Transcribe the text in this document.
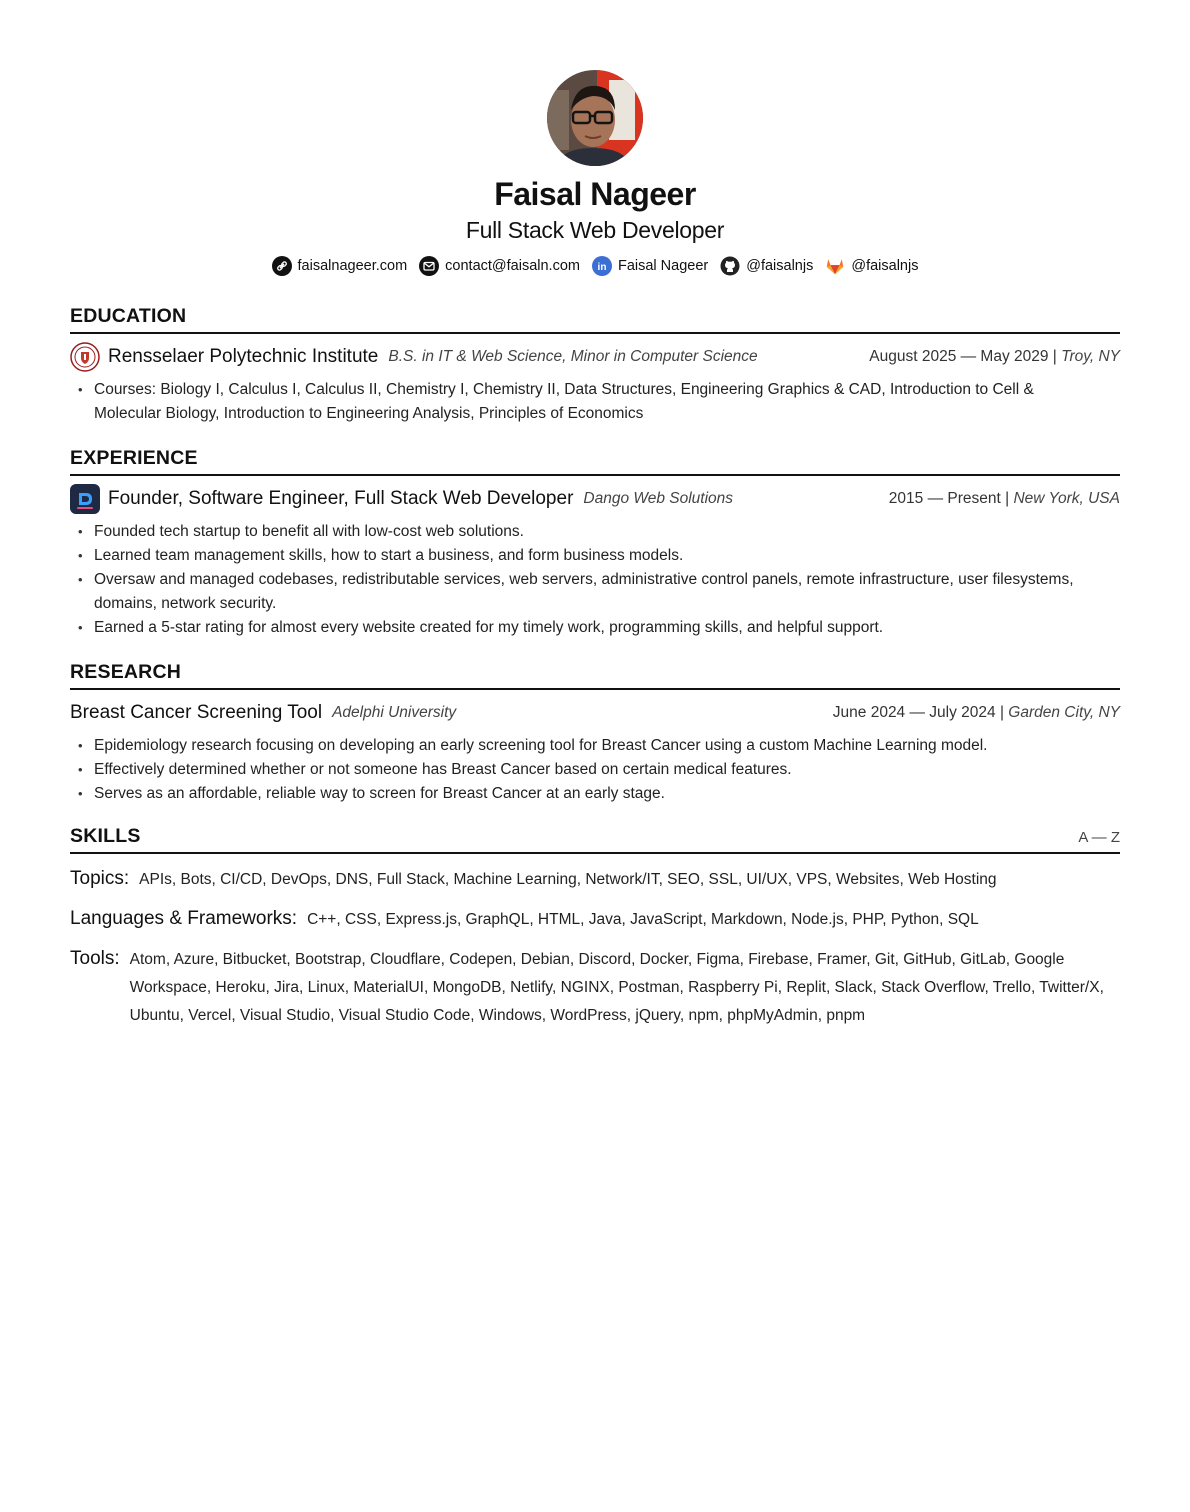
Faisal Nageer
Full Stack Web Developer
faisalnageer.com	contact@faisaln.com in Faisal Nageer	@faisalnjs	@faisalnjs
EDUCATION
Rensselaer Polytechnic Institute B.S. in IT & Web Science, Minor in Computer Science	August 2025 — May 2029 | Troy, NY
• Courses: Biology I, Calculus I, Calculus II, Chemistry I, Chemistry II, Data Structures, Engineering Graphics & CAD, Introduction to Cell & Molecular Biology, Introduction to Engineering Analysis, Principles of Economics
EXPERIENCE
Founder, Software Engineer, Full Stack Web Developer Dango Web Solutions	2015 — Present | New York, USA
• Founded tech startup to benefit all with low-cost web solutions.
• Learned team management skills, how to start a business, and form business models.
• Oversaw and managed codebases, redistributable services, web servers, administrative control panels, remote infrastructure, user filesystems, domains, network security.
• Earned a 5-star rating for almost every website created for my timely work, programming skills, and helpful support.
RESEARCH
Breast Cancer Screening Tool Adelphi University	June 2024 — July 2024 | Garden City, NY
• Epidemiology research focusing on developing an early screening tool for Breast Cancer using a custom Machine Learning model.
• Effectively determined whether or not someone has Breast Cancer based on certain medical features.
• Serves as an affordable, reliable way to screen for Breast Cancer at an early stage.
SKILLS	A — Z
Topics: APIs, Bots, CI/CD, DevOps, DNS, Full Stack, Machine Learning, Network/IT, SEO, SSL, UI/UX, VPS, Websites, Web Hosting
Languages & Frameworks: C++, CSS, Express.js, GraphQL, HTML, Java, JavaScript, Markdown, Node.js, PHP, Python, SQL
Tools: Atom, Azure, Bitbucket, Bootstrap, Cloudflare, Codepen, Debian, Discord, Docker, Figma, Firebase, Framer, Git, GitHub, GitLab, Google Workspace, Heroku, Jira, Linux, MaterialUI, MongoDB, Netlify, NGINX, Postman, Raspberry Pi, Replit, Slack, Stack Overflow, Trello, Twitter/X, Ubuntu, Vercel, Visual Studio, Visual Studio Code, Windows, WordPress, jQuery, npm, phpMyAdmin, pnpm
